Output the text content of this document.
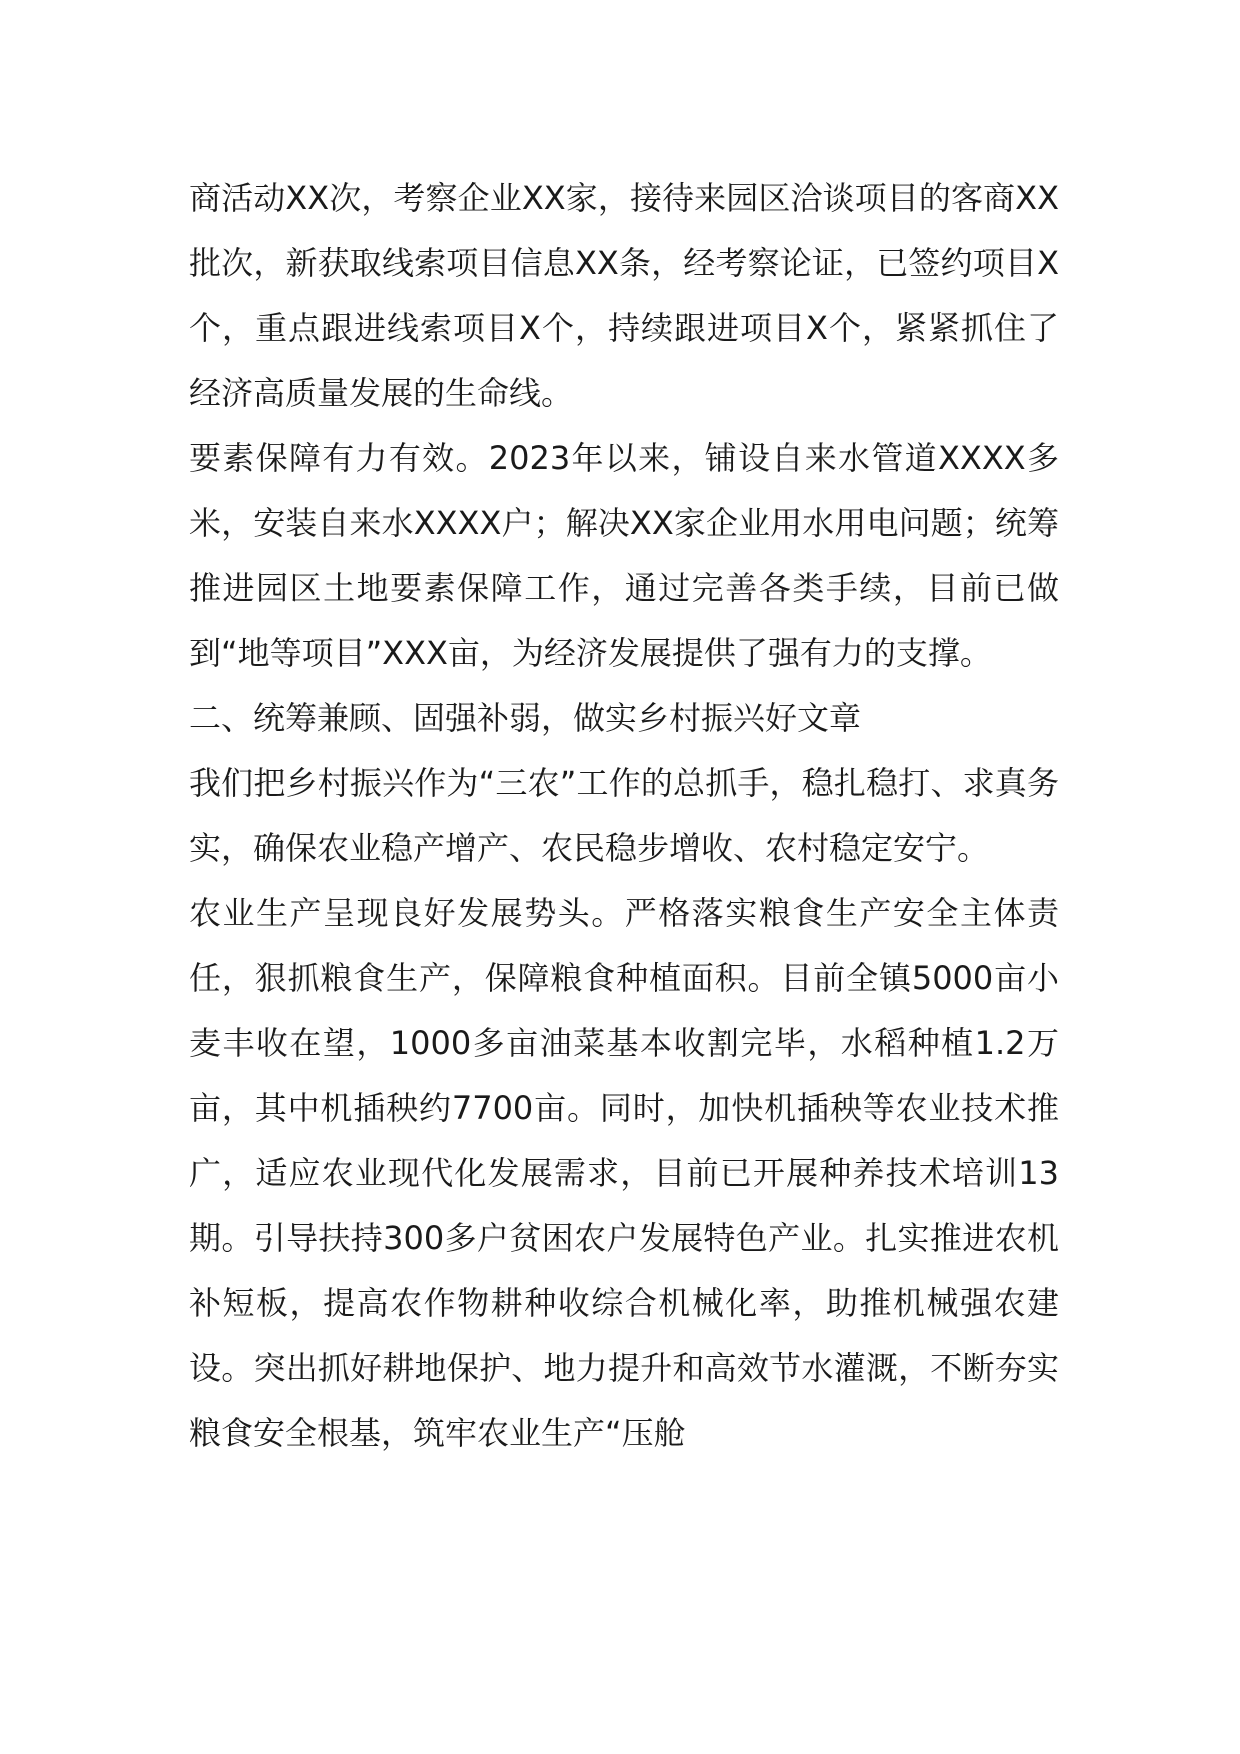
商活动XX次，考察企业XX家，接待来园区洽谈项目的客商XX批次，新获取线索项目信息XX条，经考察论证，已签约项目X个，重点跟进线索项目X个，持续跟进项目X个，紧紧抓住了经济高质量发展的生命线。

要素保障有力有效。2023年以来，铺设自来水管道XXXX多米，安装自来水XXXX户；解决XX家企业用水用电问题；统筹推进园区土地要素保障工作，通过完善各类手续，目前已做到“地等项目”XXX亩，为经济发展提供了强有力的支撑。

二、统筹兼顾、固强补弱，做实乡村振兴好文章

我们把乡村振兴作为“三农”工作的总抓手，稳扎稳打、求真务实，确保农业稳产增产、农民稳步增收、农村稳定安宁。

农业生产呈现良好发展势头。严格落实粮食生产安全主体责任，狠抓粮食生产，保障粮食种植面积。目前全镇5000亩小麦丰收在望，1000多亩油菜基本收割完毕，水稻种植1.2万亩，其中机插秧约7700亩。同时，加快机插秧等农业技术推广，适应农业现代化发展需求，目前已开展种养技术培训13期。引导扶持300多户贫困农户发展特色产业。扎实推进农机补短板，提高农作物耕种收综合机械化率，助推机械强农建设。突出抓好耕地保护、地力提升和高效节水灌溉，不断夯实粮食安全根基，筑牢农业生产“压舱
